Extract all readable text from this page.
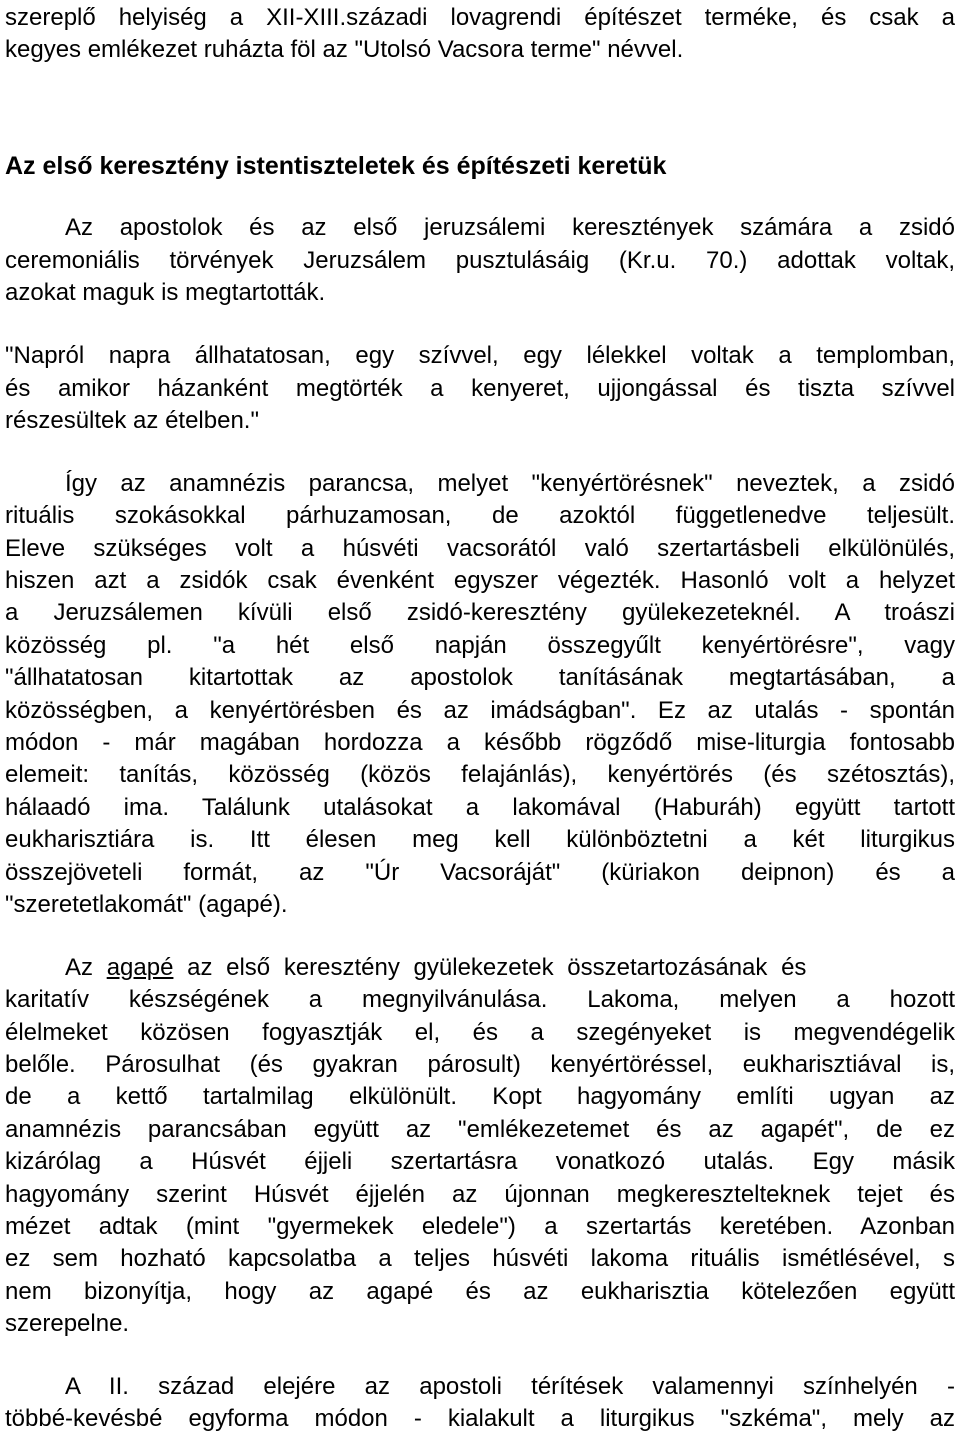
szereplő helyiség a XII-XIII.századi lovagrendi építészet terméke, és csak a

kegyes emlékezet ruházta föl az "Utolsó Vacsora terme" névvel.

Az első keresztény istentiszteletek és építészeti keretük

Az apostolok és az első jeruzsálemi keresztények számára a zsidó

ceremoniális törvények Jeruzsálem pusztulásáig (Kr.u. 70.) adottak voltak,

azokat maguk is megtartották.

"Napról napra állhatatosan, egy szívvel, egy lélekkel voltak a templomban,

és amikor házanként megtörték a kenyeret, ujjongással és tiszta szívvel

részesültek az ételben."

Így az anamnézis parancsa, melyet "kenyértörésnek" neveztek, a zsidó

rituális szokásokkal párhuzamosan, de azoktól függetlenedve teljesült.

Eleve szükséges volt a húsvéti vacsorától való szertartásbeli elkülönülés,

hiszen azt a zsidók csak évenként egyszer végezték. Hasonló volt a helyzet

a Jeruzsálemen kívüli első zsidó-keresztény gyülekezeteknél. A troászi

közösség pl. "a hét első napján összegyűlt kenyértörésre", vagy

"állhatatosan kitartottak az apostolok tanításának megtartásában, a

közösségben, a kenyértörésben és az imádságban". Ez az utalás - spontán

módon - már magában hordozza a később rögződő mise-liturgia fontosabb

elemeit: tanítás, közösség (közös felajánlás), kenyértörés (és szétosztás),

hálaadó ima. Találunk utalásokat a lakomával (Haburáh) együtt tartott

eukharisztiára is. Itt élesen meg kell különböztetni a két liturgikus

összejöveteli formát, az "Úr Vacsoráját" (küriakon deipnon) és a

"szeretetlakomát" (agapé).

Az agapé az első keresztény gyülekezetek összetartozásának és

karitatív készségének a megnyilvánulása. Lakoma, melyen a hozott

élelmeket közösen fogyasztják el, és a szegényeket is megvendégelik

belőle. Párosulhat (és gyakran párosult) kenyértöréssel, eukharisztiával is,

de a kettő tartalmilag elkülönült. Kopt hagyomány említi ugyan az

anamnézis parancsában együtt az "emlékezetemet és az agapét", de ez

kizárólag a Húsvét éjjeli szertartásra vonatkozó utalás. Egy másik

hagyomány szerint Húsvét éjjelén az újonnan megkeresztelteknek tejet és

mézet adtak (mint "gyermekek eledele") a szertartás keretében. Azonban

ez sem hozható kapcsolatba a teljes húsvéti lakoma rituális ismétlésével, s

nem bizonyítja, hogy az agapé és az eukharisztia kötelezően együtt

szerepelne.

A II. század elejére az apostoli térítések valamennyi színhelyén -

többé-kevésbé egyforma módon - kialakult a liturgikus "szkéma", mely az
